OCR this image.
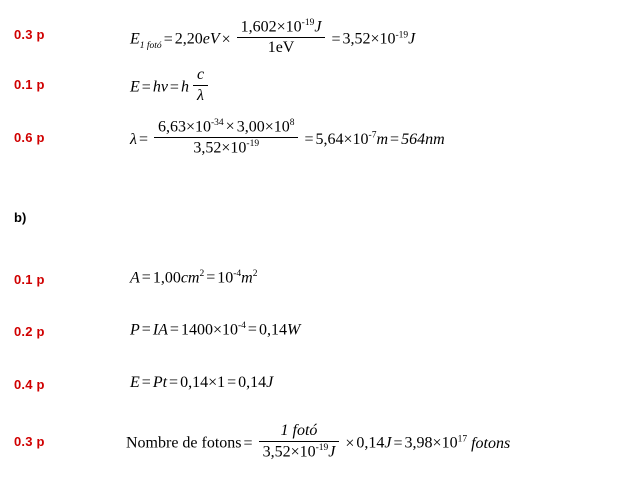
0.3 p	$E_{1 fotó} = 2,20eV \times \frac{1,602\times 10^{-19}J}{1eV} = 3,52\times 10^{-19}J$
0.1 p	E = hν = h $\frac{c}{\lambda}$
0.6 p	$\lambda = \frac{6,63\times 10^{-34} \times 3,00\times 10^8}{3,52\times 10^{-19}} = 5,64\times 10^{-7}m = 564nm$
b)
0.1 p	$A = 1,00cm^2 = 10^{-4}m^2$
0.2 p	P = IA = $1400\times 10^{-4} = 0,14W$
0.4 p	E = Pt = 0,14×1 = 0,14J
0.3 p	Nombre de fotons = $\frac{\text{1 fotó}}{3,52\times 10^{-19}J} \times 0,14J = 3,98\times 10^{17}$ fotons
